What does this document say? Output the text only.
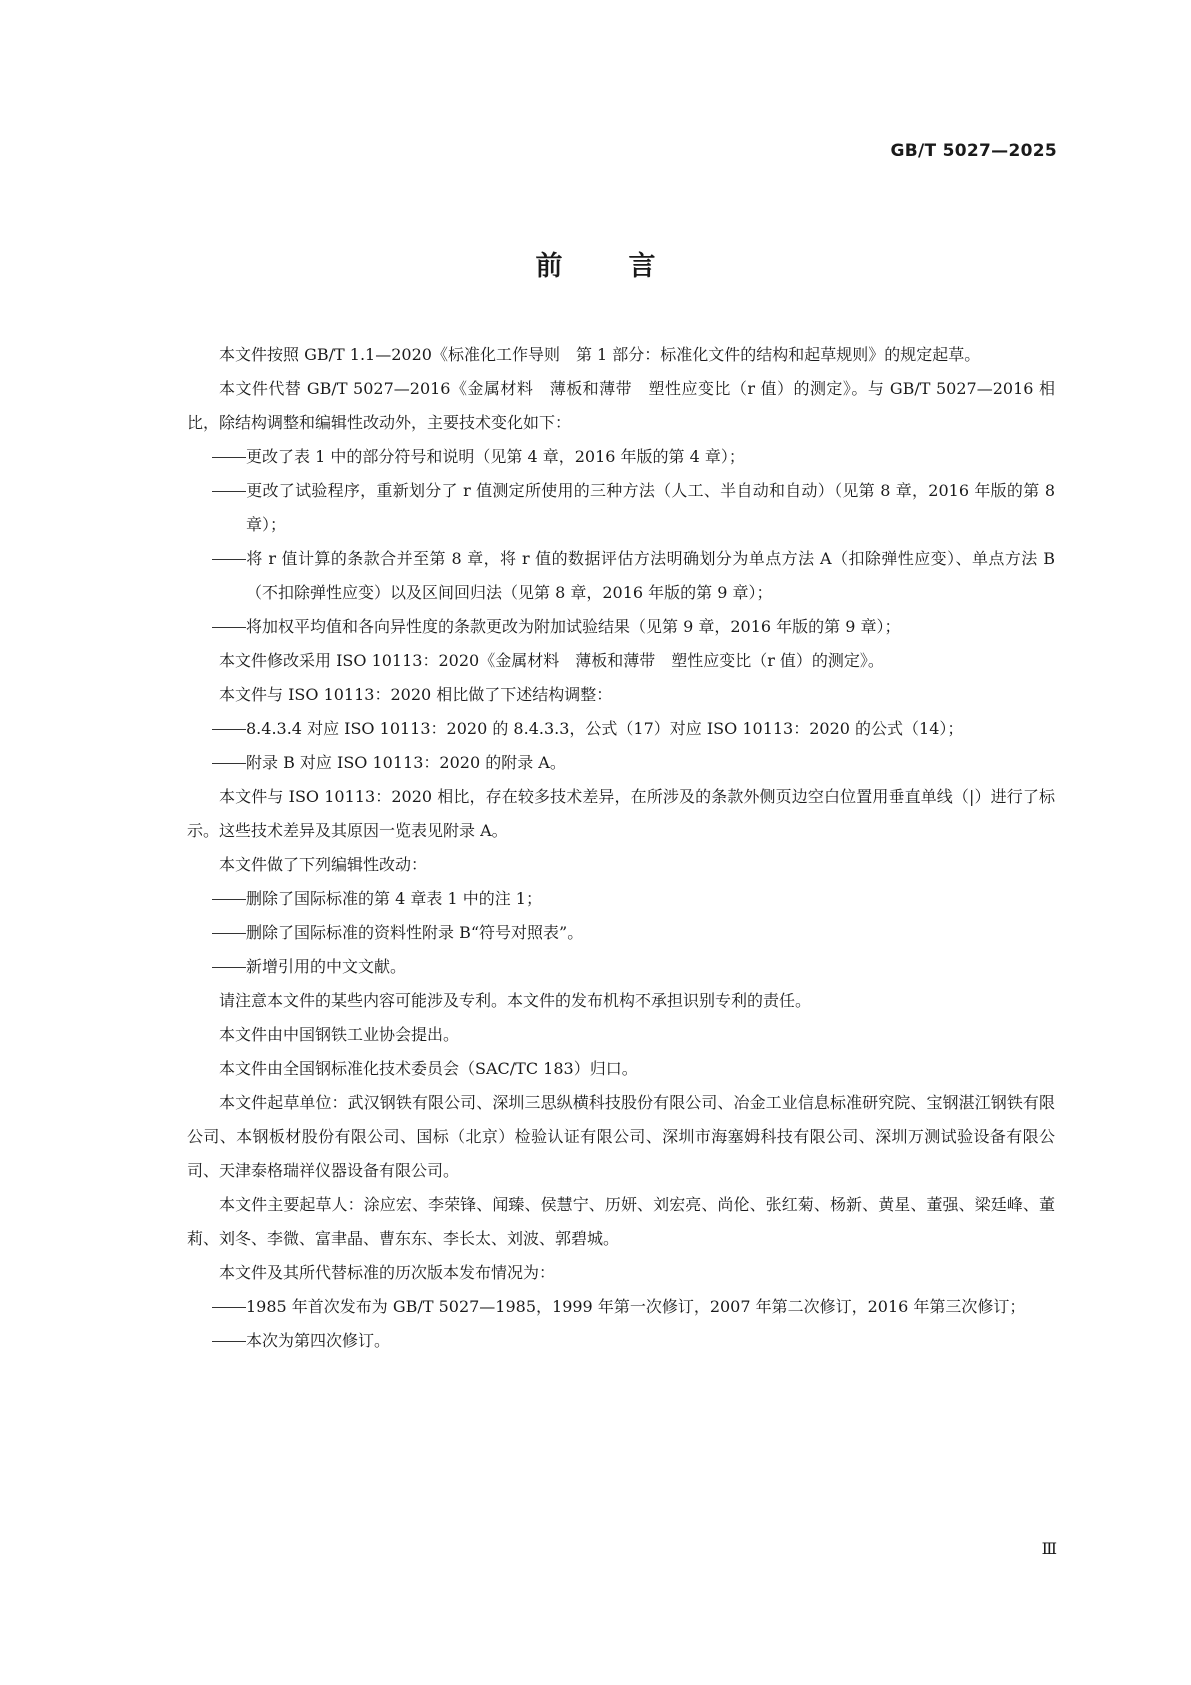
GB/T 5027—2025
前言

本文件按照 GB/T 1.1—2020《标准化工作导则　第 1 部分：标准化文件的结构和起草规则》的规定起草。

本文件代替 GB/T 5027—2016《金属材料　薄板和薄带　塑性应变比（r 值）的测定》。与 GB/T 5027—2016 相比，除结构调整和编辑性改动外，主要技术变化如下：

更改了表 1 中的部分符号和说明（见第 4 章，2016 年版的第 4 章）；

更改了试验程序，重新划分了 r 值测定所使用的三种方法（人工、半自动和自动）（见第 8 章，2016 年版的第 8 章）；

将 r 值计算的条款合并至第 8 章，将 r 值的数据评估方法明确划分为单点方法 A（扣除弹性应变）、单点方法 B（不扣除弹性应变）以及区间回归法（见第 8 章，2016 年版的第 9 章）；

将加权平均值和各向异性度的条款更改为附加试验结果（见第 9 章，2016 年版的第 9 章）；

本文件修改采用 ISO 10113：2020《金属材料　薄板和薄带　塑性应变比（r 值）的测定》。

本文件与 ISO 10113：2020 相比做了下述结构调整：

8.4.3.4 对应 ISO 10113：2020 的 8.4.3.3，公式（17）对应 ISO 10113：2020 的公式（14）；

附录 B 对应 ISO 10113：2020 的附录 A。

本文件与 ISO 10113：2020 相比，存在较多技术差异，在所涉及的条款外侧页边空白位置用垂直单线（|）进行了标示。这些技术差异及其原因一览表见附录 A。

本文件做了下列编辑性改动：

删除了国际标准的第 4 章表 1 中的注 1；

删除了国际标准的资料性附录 B“符号对照表”。

新增引用的中文文献。

请注意本文件的某些内容可能涉及专利。本文件的发布机构不承担识别专利的责任。

本文件由中国钢铁工业协会提出。

本文件由全国钢标准化技术委员会（SAC/TC 183）归口。

本文件起草单位：武汉钢铁有限公司、深圳三思纵横科技股份有限公司、冶金工业信息标准研究院、宝钢湛江钢铁有限公司、本钢板材股份有限公司、国标（北京）检验认证有限公司、深圳市海塞姆科技有限公司、深圳万测试验设备有限公司、天津泰格瑞祥仪器设备有限公司。

本文件主要起草人：涂应宏、李荣锋、闻臻、侯慧宁、历妍、刘宏亮、尚伦、张红菊、杨新、黄星、董强、梁廷峰、董莉、刘冬、李微、富聿晶、曹东东、李长太、刘波、郭碧城。

本文件及其所代替标准的历次版本发布情况为：

1985 年首次发布为 GB/T 5027—1985，1999 年第一次修订，2007 年第二次修订，2016 年第三次修订；

本次为第四次修订。

Ⅲ
